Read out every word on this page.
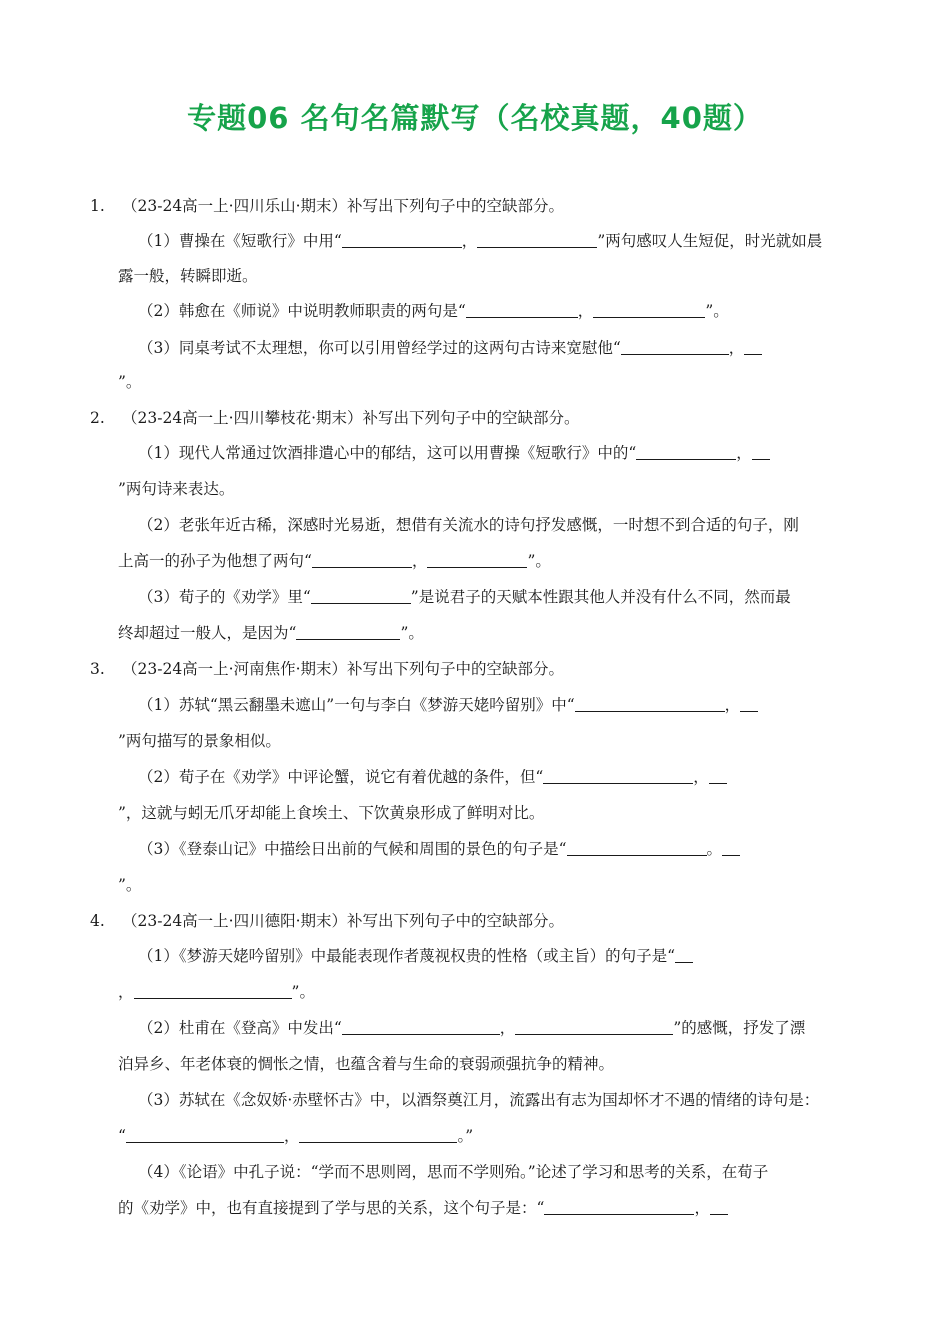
专题06 名句名篇默写（名校真题，40题）
1. （23-24高一上·四川乐山·期末）补写出下列句子中的空缺部分。
（1）曹操在《短歌行》中用“	，	”两句感叹人生短促，时光就如晨
露一般，转瞬即逝。
（2）韩愈在《师说》中说明教师职责的两句是“	，	”。
（3）同桌考试不太理想，你可以引用曾经学过的这两句古诗来宽慰他“	，
”。
2. （23-24高一上·四川攀枝花·期末）补写出下列句子中的空缺部分。
（1）现代人常通过饮酒排遣心中的郁结，这可以用曹操《短歌行》中的“	，
”两句诗来表达。
（2）老张年近古稀，深感时光易逝，想借有关流水的诗句抒发感慨，一时想不到合适的句子，刚
上高一的孙子为他想了两句“	，	”。
（3）荀子的《劝学》里“	”是说君子的天赋本性跟其他人并没有什么不同，然而最
终却超过一般人，是因为“	”。
3. （23-24高一上·河南焦作·期末）补写出下列句子中的空缺部分。
（1）苏轼“黑云翻墨未遮山”一句与李白《梦游天姥吟留别》中“	，
”两句描写的景象相似。
（2）荀子在《劝学》中评论蟹，说它有着优越的条件，但“	，
”，这就与蚓无爪牙却能上食埃土、下饮黄泉形成了鲜明对比。
（3）《登泰山记》中描绘日出前的气候和周围的景色的句子是“	。
”。
4. （23-24高一上·四川德阳·期末）补写出下列句子中的空缺部分。
（1）《梦游天姥吟留别》中最能表现作者蔑视权贵的性格（或主旨）的句子是“
，	”。
（2）杜甫在《登高》中发出“	，	”的感慨，抒发了漂
泊异乡、年老体衰的惆怅之情，也蕴含着与生命的衰弱顽强抗争的精神。
（3）苏轼在《念奴娇·赤壁怀古》中，以酒祭奠江月，流露出有志为国却怀才不遇的情绪的诗句是：
“	，	。”
（4）《论语》中孔子说：“学而不思则罔，思而不学则殆。”论述了学习和思考的关系，在荀子
的《劝学》中，也有直接提到了学与思的关系，这个句子是：“	，
